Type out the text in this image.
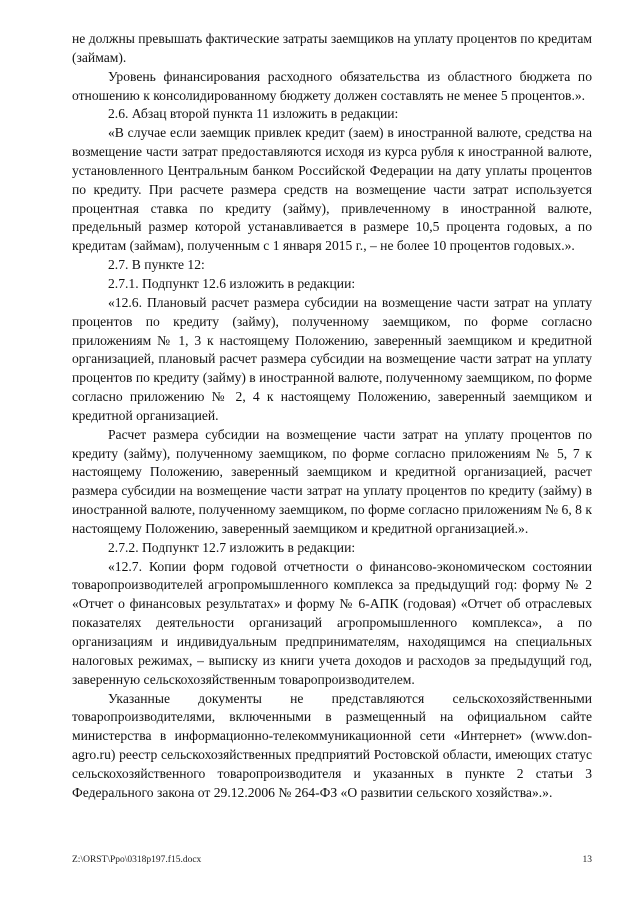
не должны превышать фактические затраты заемщиков на уплату процентов по кредитам (займам).

Уровень финансирования расходного обязательства из областного бюджета по отношению к консолидированному бюджету должен составлять не менее 5 процентов.».

2.6. Абзац второй пункта 11 изложить в редакции:

«В случае если заемщик привлек кредит (заем) в иностранной валюте, средства на возмещение части затрат предоставляются исходя из курса рубля к иностранной валюте, установленного Центральным банком Российской Федерации на дату уплаты процентов по кредиту. При расчете размера средств на возмещение части затрат используется процентная ставка по кредиту (займу), привлеченному в иностранной валюте, предельный размер которой устанавливается в размере 10,5 процента годовых, а по кредитам (займам), полученным с 1 января 2015 г., – не более 10 процентов годовых.».

2.7. В пункте 12:

2.7.1. Подпункт 12.6 изложить в редакции:

«12.6. Плановый расчет размера субсидии на возмещение части затрат на уплату процентов по кредиту (займу), полученному заемщиком, по форме согласно приложениям № 1, 3 к настоящему Положению, заверенный заемщиком и кредитной организацией, плановый расчет размера субсидии на возмещение части затрат на уплату процентов по кредиту (займу) в иностранной валюте, полученному заемщиком, по форме согласно приложению № 2, 4 к настоящему Положению, заверенный заемщиком и кредитной организацией.

Расчет размера субсидии на возмещение части затрат на уплату процентов по кредиту (займу), полученному заемщиком, по форме согласно приложениям № 5, 7 к настоящему Положению, заверенный заемщиком и кредитной организацией, расчет размера субсидии на возмещение части затрат на уплату процентов по кредиту (займу) в иностранной валюте, полученному заемщиком, по форме согласно приложениям № 6, 8 к настоящему Положению, заверенный заемщиком и кредитной организацией.».

2.7.2. Подпункт 12.7 изложить в редакции:

«12.7. Копии форм годовой отчетности о финансово-экономическом состоянии товаропроизводителей агропромышленного комплекса за предыдущий год: форму № 2 «Отчет о финансовых результатах» и форму № 6-АПК (годовая) «Отчет об отраслевых показателях деятельности организаций агропромышленного комплекса», а по организациям и индивидуальным предпринимателям, находящимся на специальных налоговых режимах, – выписку из книги учета доходов и расходов за предыдущий год, заверенную сельскохозяйственным товаропроизводителем.

Указанные документы не представляются сельскохозяйственными товаропроизводителями, включенными в размещенный на официальном сайте министерства в информационно-телекоммуникационной сети «Интернет» (www.don-agro.ru) реестр сельскохозяйственных предприятий Ростовской области, имеющих статус сельскохозяйственного товаропроизводителя и указанных в пункте 2 статьи 3 Федерального закона от 29.12.2006 № 264-ФЗ «О развитии сельского хозяйства».».

Z:\ORST\Ppo\0318p197.f15.docx	13
